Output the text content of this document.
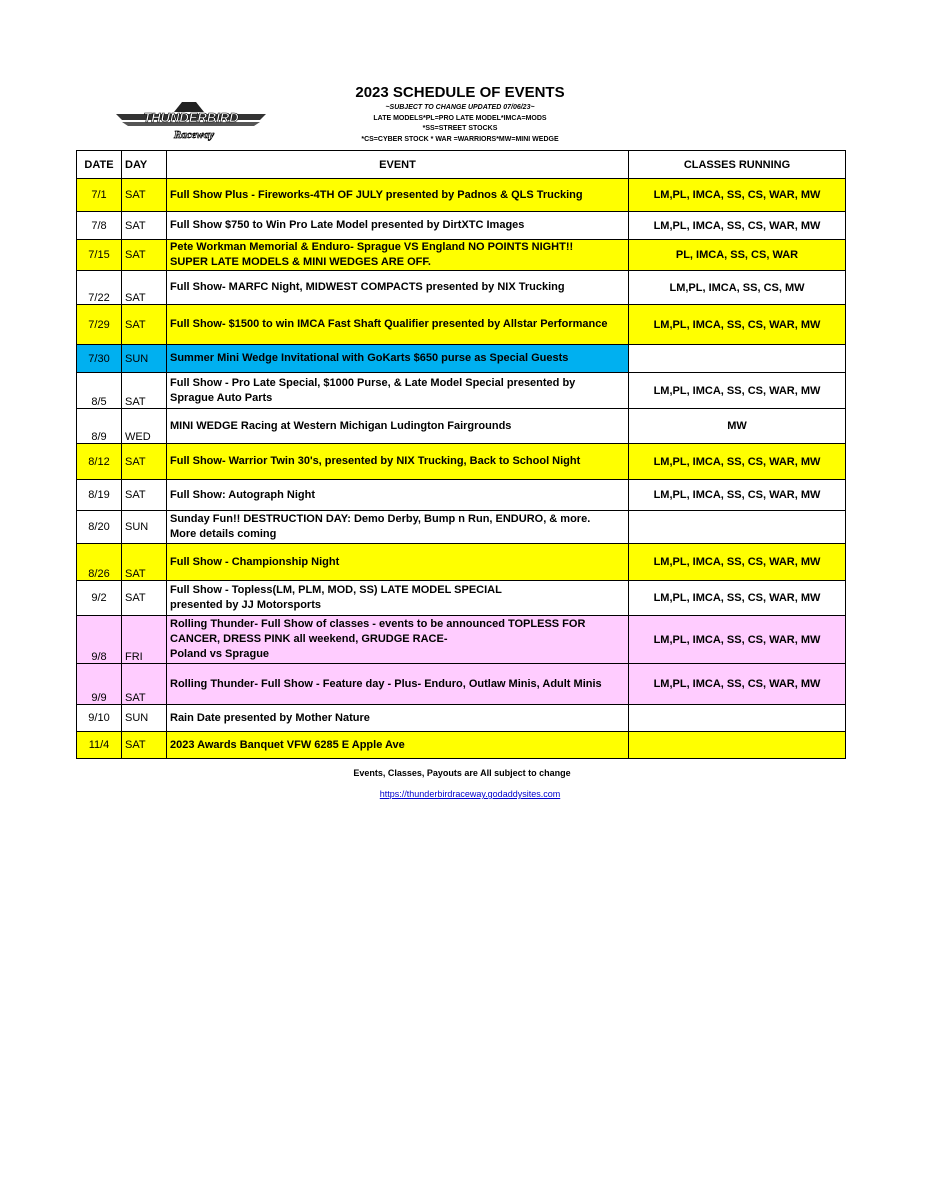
THUNDERBIRD
Raceway
2023 SCHEDULE OF EVENTS
~SUBJECT TO CHANGE UPDATED 07/06/23~
LATE MODELS*PL=PRO LATE MODEL*IMCA=MODS
*SS=STREET STOCKS
*CS=CYBER STOCK * WAR =WARRIORS*MW=MINI WEDGE
DATE	DAY	EVENT	CLASSES RUNNING
7/1	SAT	Full Show Plus - Fireworks-4TH OF JULY presented by Padnos & QLS Trucking	LM,PL, IMCA, SS, CS, WAR, MW
7/8	SAT	Full Show $750 to Win Pro Late Model presented by DirtXTC Images	LM,PL, IMCA, SS, CS, WAR, MW
7/15	SAT	Pete Workman Memorial & Enduro- Sprague VS England NO POINTS NIGHT!!
SUPER LATE MODELS & MINI WEDGES ARE OFF.	PL, IMCA, SS, CS, WAR
7/22	SAT	Full Show- MARFC Night, MIDWEST COMPACTS presented by NIX Trucking	LM,PL, IMCA, SS, CS, MW
7/29	SAT	Full Show- $1500 to win IMCA Fast Shaft Qualifier presented by Allstar Performance	LM,PL, IMCA, SS, CS, WAR, MW
7/30	SUN	Summer Mini Wedge Invitational with GoKarts $650 purse as Special Guests	

8/5	SAT	Full Show - Pro Late Special, $1000 Purse, & Late Model Special presented by
Sprague Auto Parts	LM,PL, IMCA, SS, CS, WAR, MW
8/9	WED	MINI WEDGE Racing at Western Michigan Ludington Fairgrounds	MW
8/12	SAT	Full Show- Warrior Twin 30's, presented by NIX Trucking, Back to School Night	LM,PL, IMCA, SS, CS, WAR, MW
8/19	SAT	Full Show: Autograph Night	LM,PL, IMCA, SS, CS, WAR, MW
8/20	SUN	Sunday Fun!! DESTRUCTION DAY: Demo Derby, Bump n Run, ENDURO, & more.
More details coming	

8/26	SAT	Full Show - Championship Night	LM,PL, IMCA, SS, CS, WAR, MW
9/2	SAT	Full Show - Topless(LM, PLM, MOD, SS) LATE MODEL SPECIAL
presented by JJ Motorsports	LM,PL, IMCA, SS, CS, WAR, MW
9/8	FRI	Rolling Thunder- Full Show of classes - events to be announced TOPLESS FOR
CANCER, DRESS PINK all weekend, GRUDGE RACE-
Poland vs Sprague	LM,PL, IMCA, SS, CS, WAR, MW
9/9	SAT	Rolling Thunder- Full Show - Feature day - Plus- Enduro, Outlaw Minis, Adult Minis	LM,PL, IMCA, SS, CS, WAR, MW
9/10	SUN	Rain Date presented by Mother Nature	

11/4	SAT	2023 Awards Banquet VFW 6285 E Apple Ave	

Events, Classes, Payouts are All subject to change
https://thunderbirdraceway.godaddysites.com
